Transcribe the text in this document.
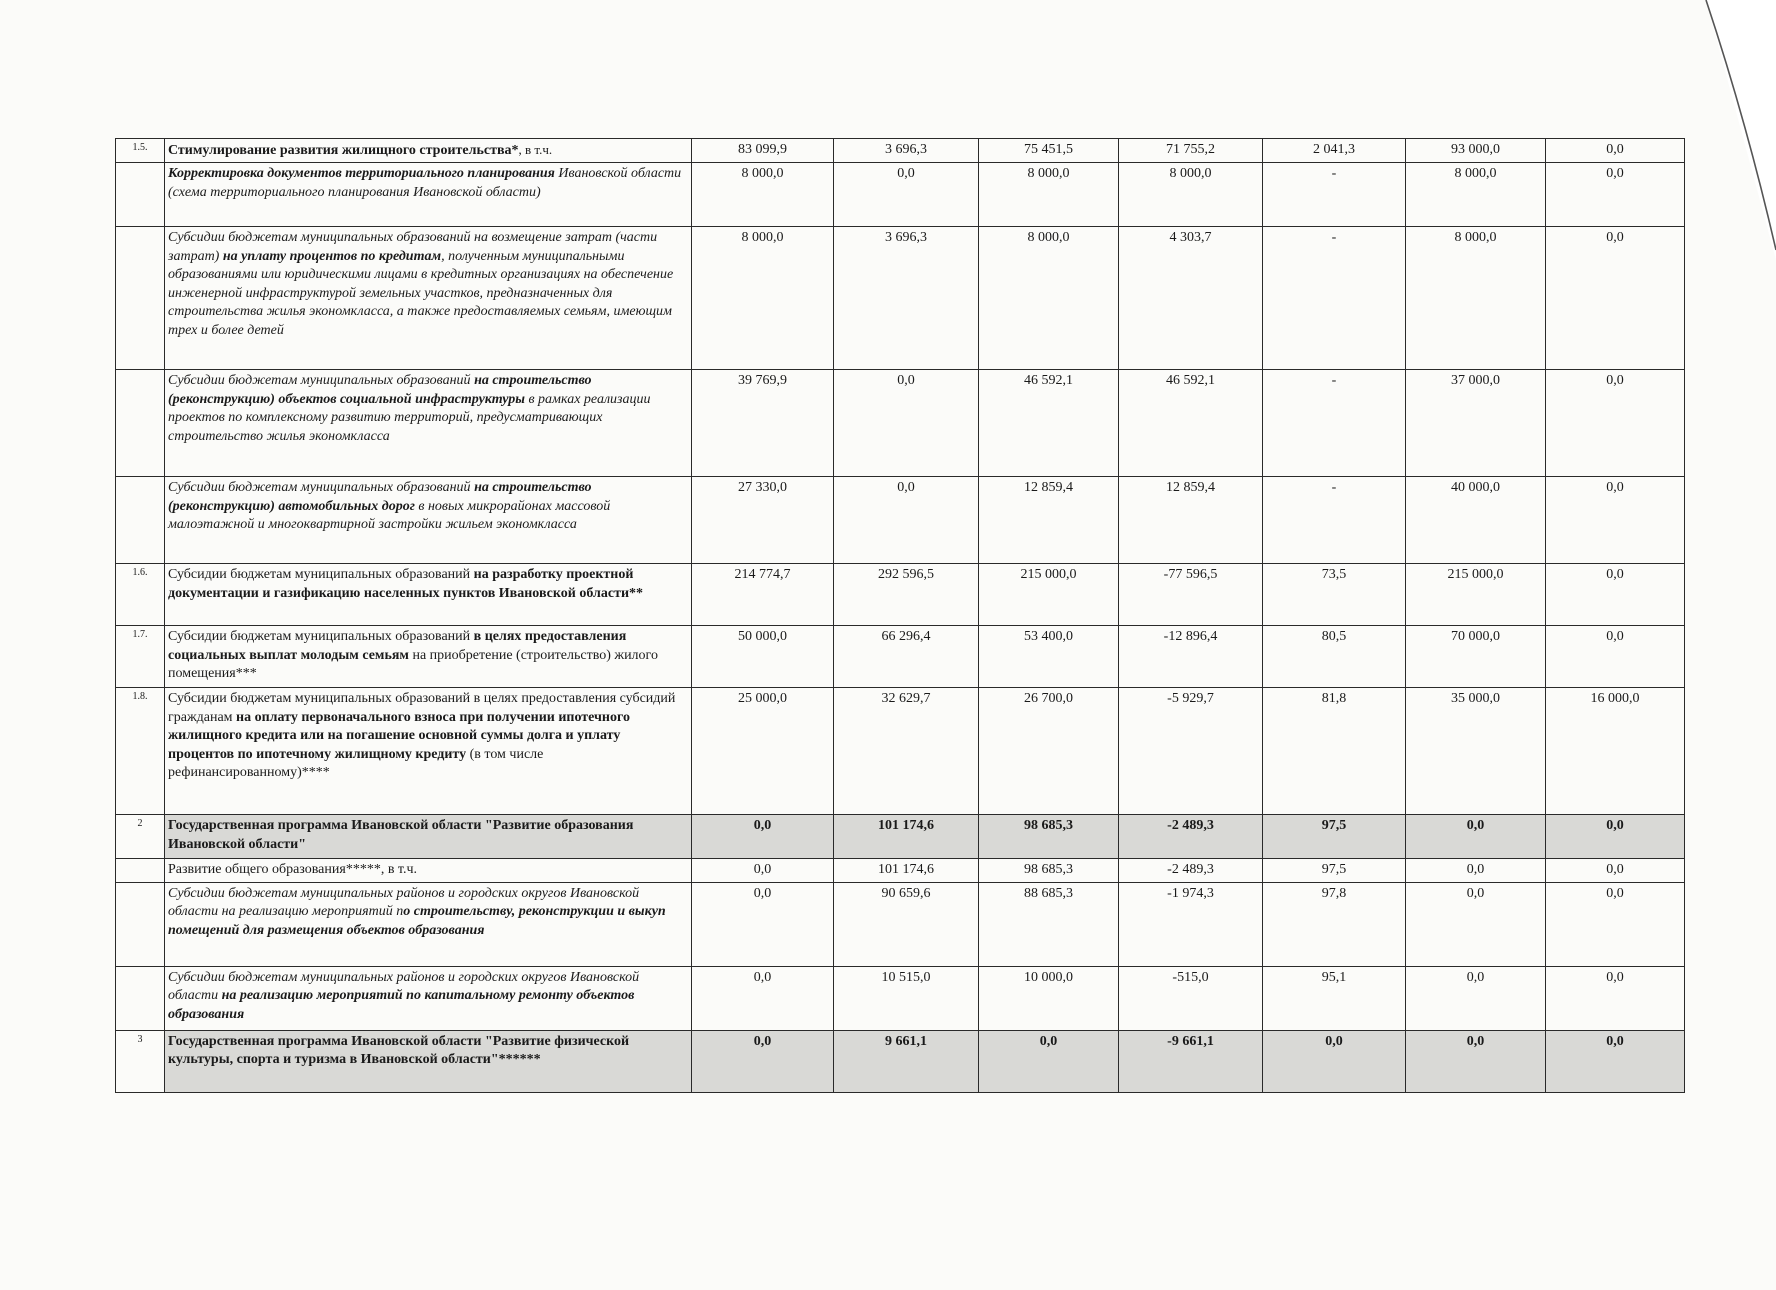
1.5.	Стимулирование развития жилищного строительства*, в т.ч.	83 099,9	3 696,3	75 451,5	71 755,2	2 041,3	93 000,0	0,0
	Корректировка документов территориального планирования Ивановской области (схема территориального планирования Ивановской области)	8 000,0	0,0	8 000,0	8 000,0	-	8 000,0	0,0
	Субсидии бюджетам муниципальных образований на возмещение затрат (части затрат) на уплату процентов по кредитам, полученным муниципальными образованиями или юридическими лицами в кредитных организациях на обеспечение инженерной инфраструктурой земельных участков, предназначенных для строительства жилья экономкласса, а также предоставляемых семьям, имеющим трех и более детей	8 000,0	3 696,3	8 000,0	4 303,7	-	8 000,0	0,0
	Субсидии бюджетам муниципальных образований на строительство (реконструкцию) объектов социальной инфраструктуры в рамках реализации проектов по комплексному развитию территорий, предусматривающих строительство жилья экономкласса	39 769,9	0,0	46 592,1	46 592,1	-	37 000,0	0,0
	Субсидии бюджетам муниципальных образований на строительство (реконструкцию) автомобильных дорог в новых микрорайонах массовой малоэтажной и многоквартирной застройки жильем экономкласса	27 330,0	0,0	12 859,4	12 859,4	-	40 000,0	0,0
1.6.	Субсидии бюджетам муниципальных образований на разработку проектной документации и газификацию населенных пунктов Ивановской области**	214 774,7	292 596,5	215 000,0	-77 596,5	73,5	215 000,0	0,0
1.7.	Субсидии бюджетам муниципальных образований в целях предоставления социальных выплат молодым семьям на приобретение (строительство) жилого помещения***	50 000,0	66 296,4	53 400,0	-12 896,4	80,5	70 000,0	0,0
1.8.	Субсидии бюджетам муниципальных образований в целях предоставления субсидий гражданам на оплату первоначального взноса при получении ипотечного жилищного кредита или на погашение основной суммы долга и уплату процентов по ипотечному жилищному кредиту (в том числе рефинансированному)****	25 000,0	32 629,7	26 700,0	-5 929,7	81,8	35 000,0	16 000,0
2	Государственная программа Ивановской области "Развитие образования Ивановской области"	0,0	101 174,6	98 685,3	-2 489,3	97,5	0,0	0,0
	Развитие общего образования*****, в т.ч.	0,0	101 174,6	98 685,3	-2 489,3	97,5	0,0	0,0
	Субсидии бюджетам муниципальных районов и городских округов Ивановской области на реализацию мероприятий по строительству, реконструкции и выкуп помещений для размещения объектов образования	0,0	90 659,6	88 685,3	-1 974,3	97,8	0,0	0,0
	Субсидии бюджетам муниципальных районов и городских округов Ивановской области на реализацию мероприятий по капитальному ремонту объектов образования	0,0	10 515,0	10 000,0	-515,0	95,1	0,0	0,0
3	Государственная программа Ивановской области "Развитие физической культуры, спорта и туризма в Ивановской области"******	0,0	9 661,1	0,0	-9 661,1	0,0	0,0	0,0
